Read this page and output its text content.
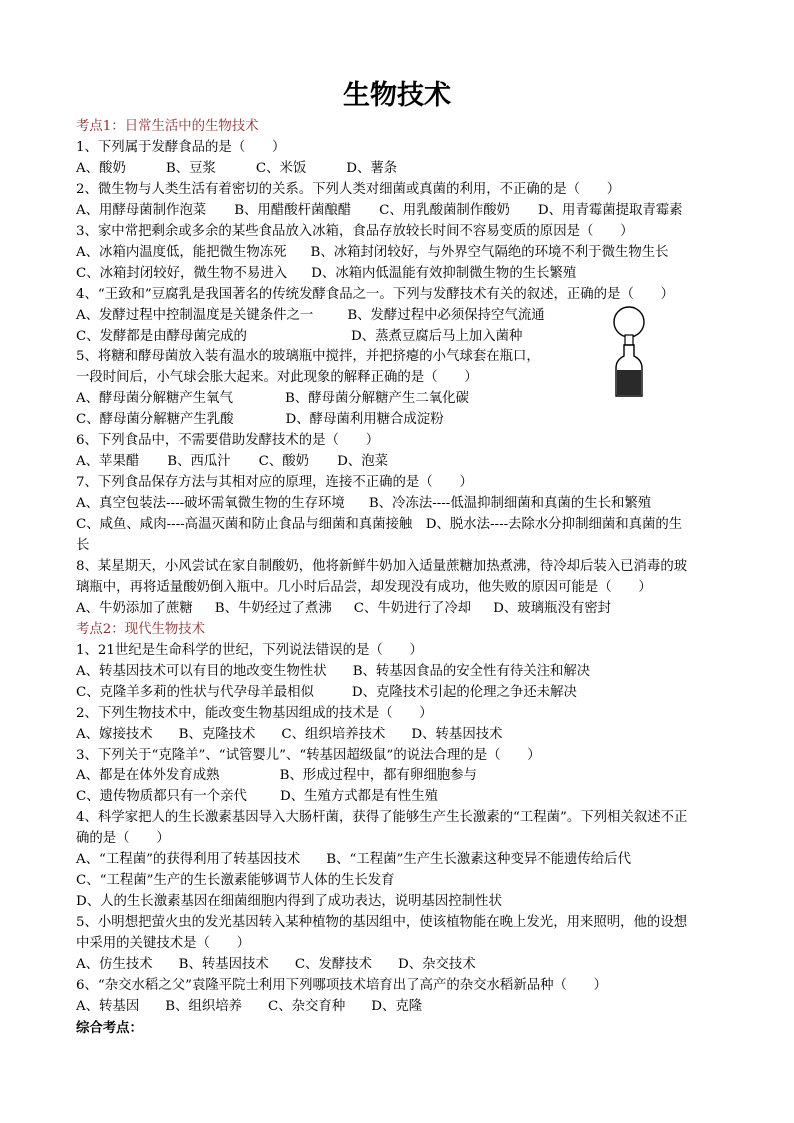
生物技术
考点1：日常生活中的生物技术
1、下列属于发酵食品的是（　　）
A、酸奶	B、豆浆	C、米饭	D、薯条
2、微生物与人类生活有着密切的关系。下列人类对细菌或真菌的利用，不正确的是（　　）
A、用酵母菌制作泡菜 B、用醋酸杆菌酿醋 C、用乳酸菌制作酸奶 D、用青霉菌提取青霉素
3、家中常把剩余或多余的某些食品放入冰箱，食品存放较长时间不容易变质的原因是（　　）
A、冰箱内温度低，能把微生物冻死 B、冰箱封闭较好，与外界空气隔绝的环境不利于微生物生长
C、冰箱封闭较好，微生物不易进入 D、冰箱内低温能有效抑制微生物的生长繁殖
4、“王致和”豆腐乳是我国著名的传统发酵食品之一。下列与发酵技术有关的叙述，正确的是（　　）
A、发酵过程中控制温度是关键条件之一	B、发酵过程中必须保持空气流通
C、发酵都是由酵母菌完成的	D、蒸煮豆腐后马上加入菌种
5、将糖和酵母菌放入装有温水的玻璃瓶中搅拌，并把挤瘪的小气球套在瓶口，
一段时间后，小气球会胀大起来。对此现象的解释正确的是（　　）
A、酵母菌分解糖产生氧气	B、酵母菌分解糖产生二氧化碳
C、酵母菌分解糖产生乳酸	D、酵母菌利用糖合成淀粉
6、下列食品中，不需要借助发酵技术的是（　　）
A、苹果醋 B、西瓜汁 C、酸奶 D、泡菜
7、下列食品保存方法与其相对应的原理，连接不正确的是（　　）
A、真空包装法----破坏需氧微生物的生存环境 B、冷冻法----低温抑制细菌和真菌的生长和繁殖
C、咸鱼、咸肉----高温灭菌和防止食品与细菌和真菌接触　D、脱水法----去除水分抑制细菌和真菌的生
长
8、某星期天，小风尝试在家自制酸奶，他将新鲜牛奶加入适量蔗糖加热煮沸，待冷却后装入已消毒的玻
璃瓶中，再将适量酸奶倒入瓶中。几小时后品尝，却发现没有成功，他失败的原因可能是（　　）
A、牛奶添加了蔗糖 B、牛奶经过了煮沸 C、牛奶进行了冷却 D、玻璃瓶没有密封
考点2：现代生物技术
1、21世纪是生命科学的世纪，下列说法错误的是（　　）
A、转基因技术可以有目的地改变生物性状 B、转基因食品的安全性有待关注和解决
C、克隆羊多莉的性状与代孕母羊最相似	D、克隆技术引起的伦理之争还未解决
2、下列生物技术中，能改变生物基因组成的技术是（　　）
A、嫁接技术 B、克隆技术 C、组织培养技术 D、转基因技术
3、下列关于“克隆羊”、“试管婴儿”、“转基因超级鼠”的说法合理的是（　　）
A、都是在体外发育成熟	B、形成过程中，都有卵细胞参与
C、遗传物质都只有一个亲代 D、生殖方式都是有性生殖
4、科学家把人的生长激素基因导入大肠杆菌，获得了能够生产生长激素的“工程菌”。下列相关叙述不正
确的是（　　）
A、“工程菌”的获得利用了转基因技术 B、“工程菌”生产生长激素这种变异不能遗传给后代
C、“工程菌”生产的生长激素能够调节人体的生长发育
D、人的生长激素基因在细菌细胞内得到了成功表达，说明基因控制性状
5、小明想把萤火虫的发光基因转入某种植物的基因组中，使该植物能在晚上发光，用来照明，他的设想
中采用的关键技术是（　　）
A、仿生技术 B、转基因技术 C、发酵技术 D、杂交技术
6、“杂交水稻之父”袁隆平院士利用下列哪项技术培育出了高产的杂交水稻新品种（　　）
A、转基因 B、组织培养 C、杂交育种 D、克隆
综合考点：
